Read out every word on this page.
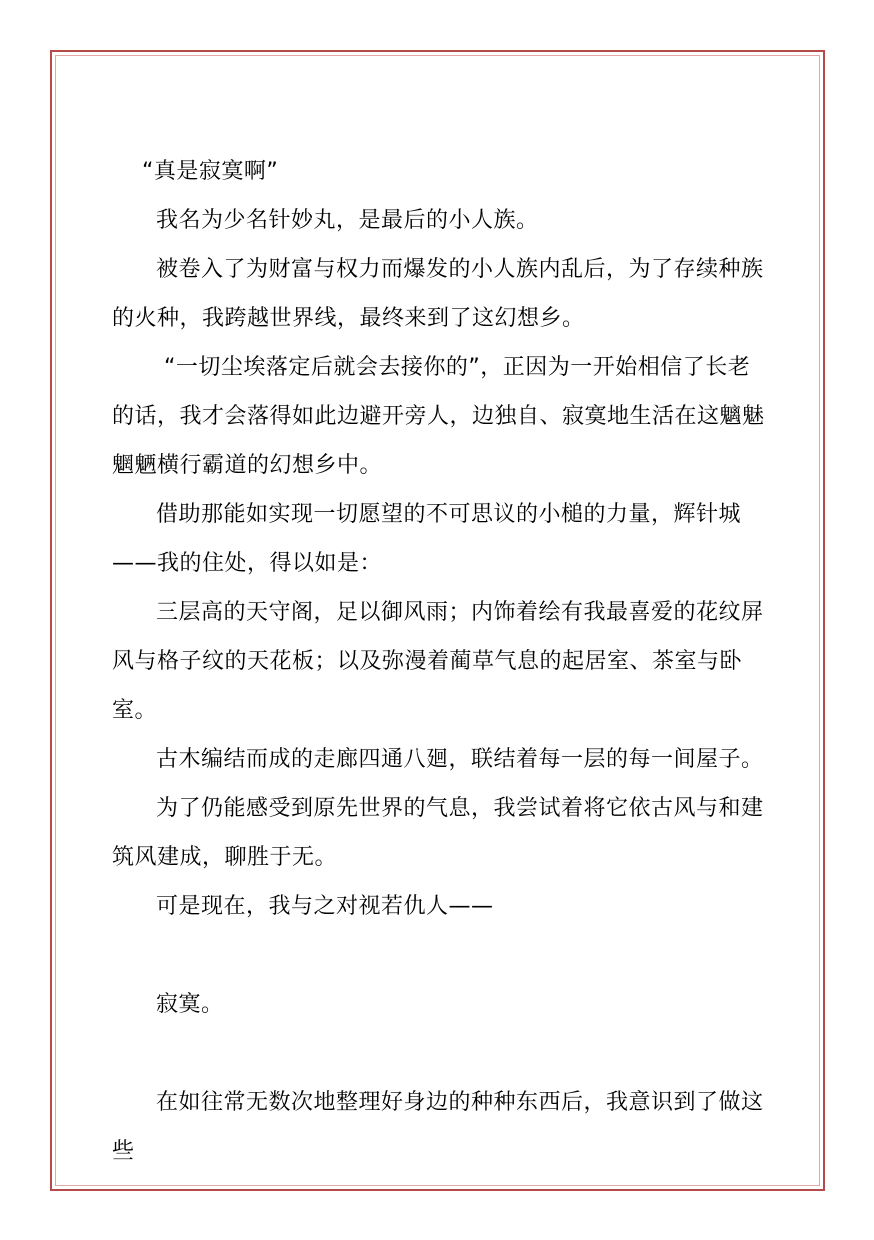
“真是寂寞啊”

我名为少名针妙丸，是最后的小人族。

被卷入了为财富与权力而爆发的小人族内乱后，为了存续种族的火种，我跨越世界线，最终来到了这幻想乡。

“一切尘埃落定后就会去接你的”，正因为一开始相信了长老的话，我才会落得如此边避开旁人，边独自、寂寞地生活在这魑魅魍魉横行霸道的幻想乡中。

借助那能如实现一切愿望的不可思议的小槌的力量，辉针城——我的住处，得以如是：

三层高的天守阁，足以御风雨；内饰着绘有我最喜爱的花纹屏风与格子纹的天花板；以及弥漫着蔺草气息的起居室、茶室与卧室。

古木编结而成的走廊四通八廻，联结着每一层的每一间屋子。

为了仍能感受到原先世界的气息，我尝试着将它依古风与和建筑风建成，聊胜于无。

可是现在，我与之对视若仇人——

寂寞。

在如往常无数次地整理好身边的种种东西后，我意识到了做这些
